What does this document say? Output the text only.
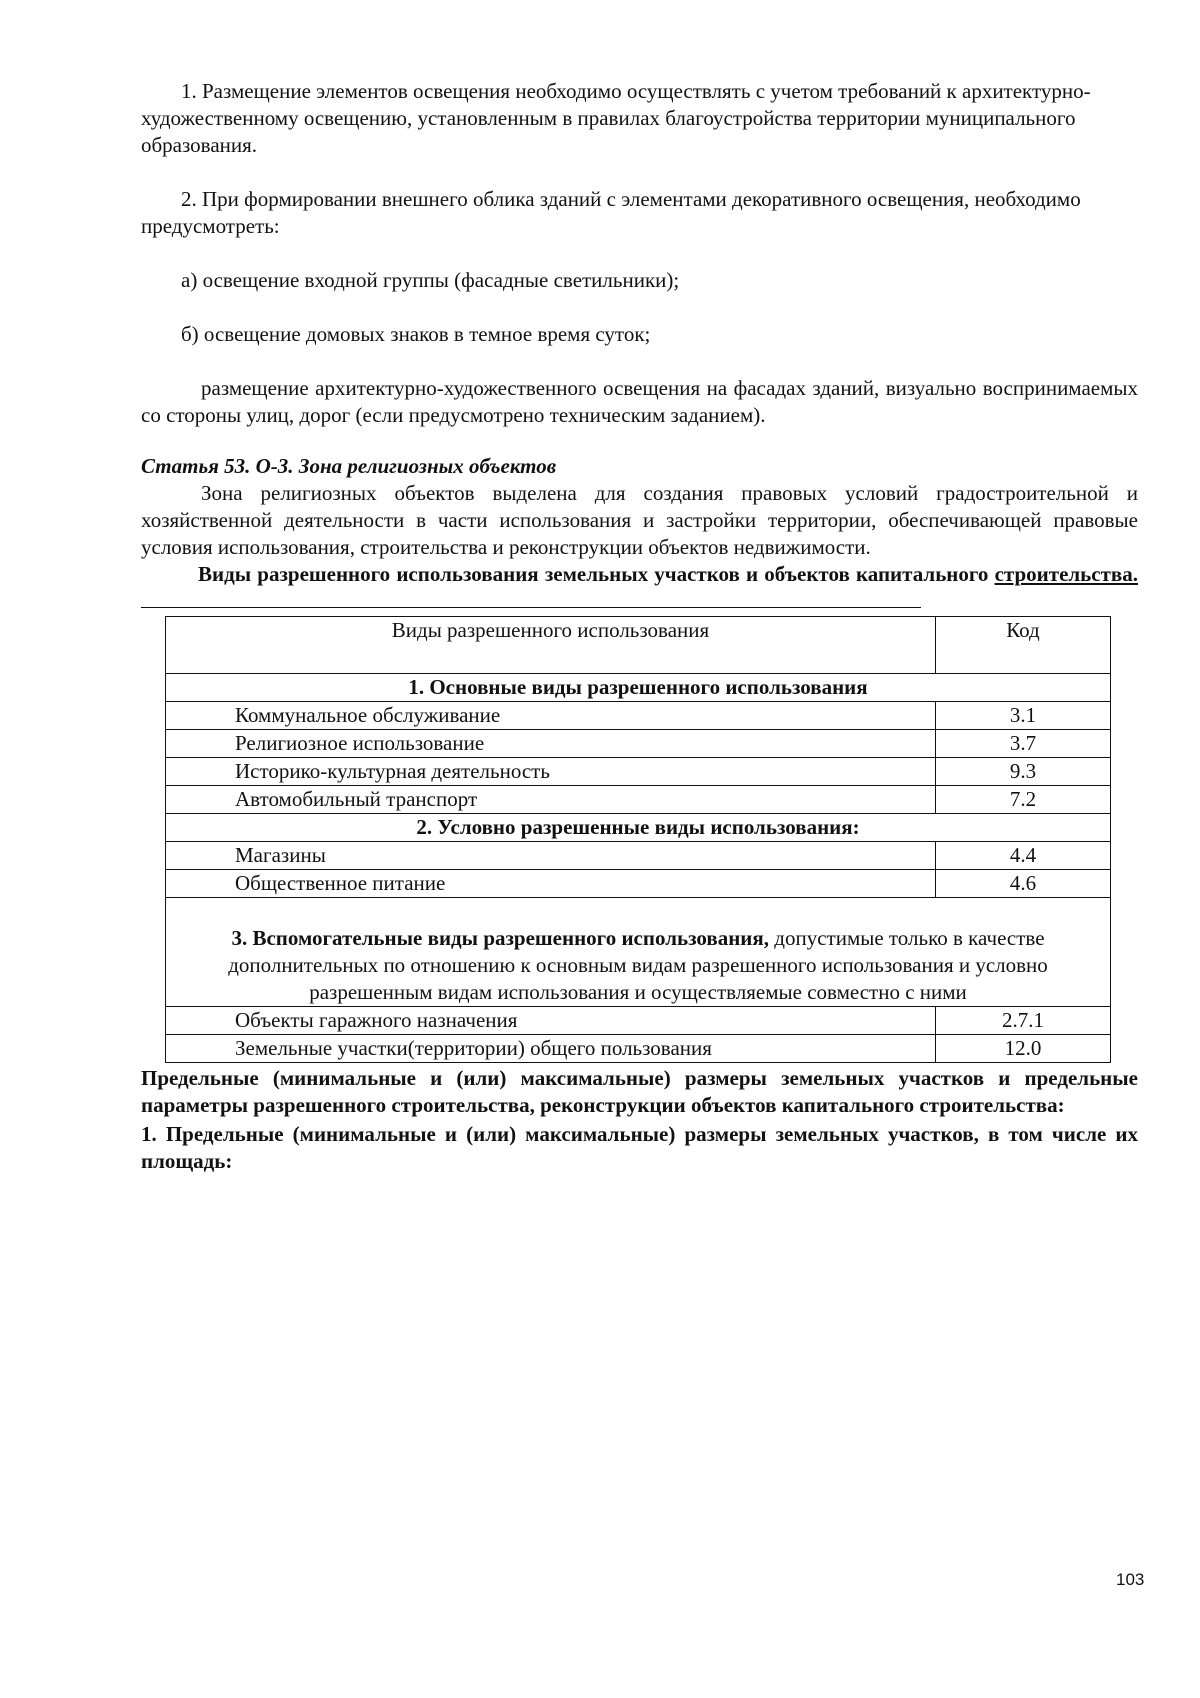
1. Размещение элементов освещения необходимо осуществлять с учетом требований к архитектурно-художественному освещению, установленным в правилах благоустройства территории муниципального образования.

2. При формировании внешнего облика зданий с элементами декоративного освещения, необходимо предусмотреть:

а) освещение входной группы (фасадные светильники);

б) освещение домовых знаков в темное время суток;

размещение архитектурно-художественного освещения на фасадах зданий, визуально воспринимаемых со стороны улиц, дорог (если предусмотрено техническим заданием).

Статья 53. О-3. Зона религиозных объектов

Зона религиозных объектов выделена для создания правовых условий градостроительной и хозяйственной деятельности в части использования и застройки территории, обеспечивающей правовые условия использования, строительства и реконструкции объектов недвижимости.

Виды разрешенного использования земельных участков и объектов капитального строительства.

Виды разрешенного использования	Код
1. Основные виды разрешенного использования	
Коммунальное обслуживание	3.1
Религиозное использование	3.7
Историко-культурная деятельность	9.3
Автомобильный транспорт	7.2
2. Условно разрешенные виды использования:	
Магазины	4.4
Общественное питание	4.6
3. Вспомогательные виды разрешенного использования, допустимые только в качестве дополнительных по отношению к основным видам разрешенного использования и условно разрешенным видам использования и осуществляемые совместно с ними	
Объекты гаражного назначения	2.7.1
Земельные участки(территории) общего пользования	12.0

Предельные (минимальные и (или) максимальные) размеры земельных участков и предельные параметры разрешенного строительства, реконструкции объектов капитального строительства:

1. Предельные (минимальные и (или) максимальные) размеры земельных участков, в том числе их площадь:

103
